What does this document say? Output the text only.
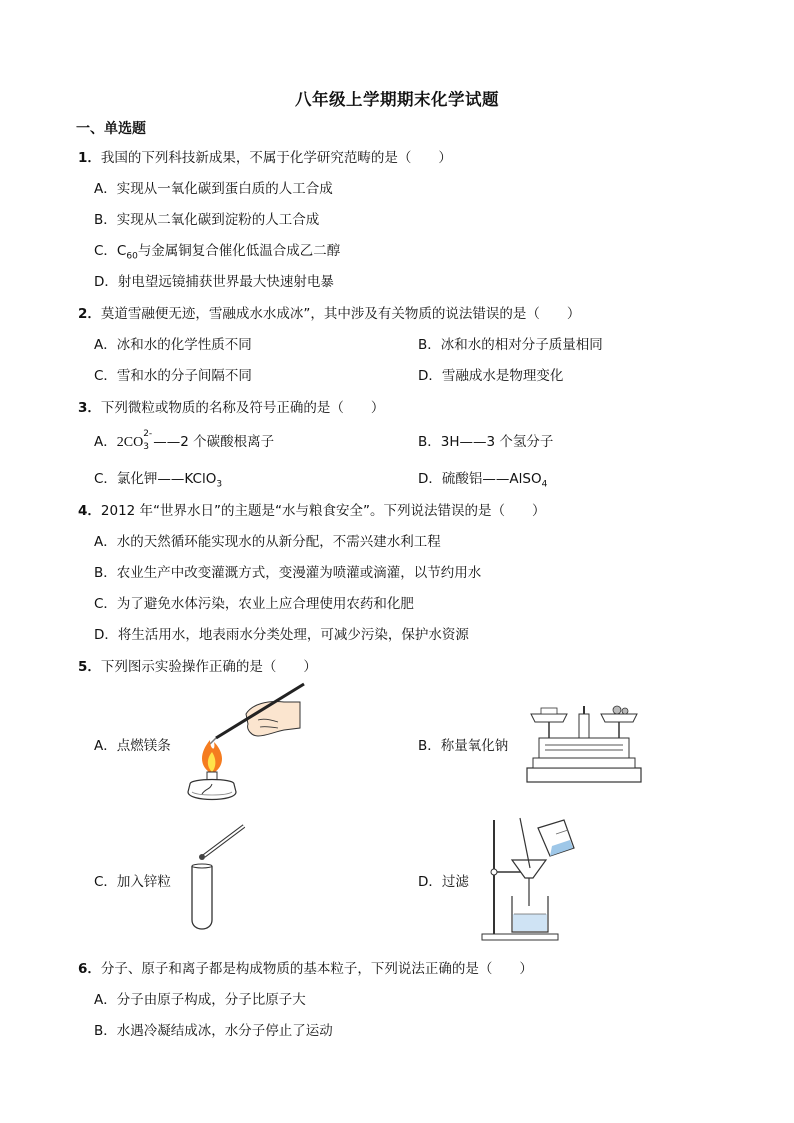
八年级上学期期末化学试题
一、单选题
1．我国的下列科技新成果，不属于化学研究范畴的是（　　）
A．实现从一氧化碳到蛋白质的人工合成
B．实现从二氧化碳到淀粉的人工合成
C．$C_{60}$与金属铜复合催化低温合成乙二醇
D．射电望远镜捕获世界最大快速射电暴
2．莫道雪融便无迹，雪融成水水成冰”，其中涉及有关物质的说法错误的是（　　）
A．冰和水的化学性质不同	B．冰和水的相对分子质量相同
C．雪和水的分子间隔不同	D．雪融成水是物理变化
3．下列微粒或物质的名称及符号正确的是（　　）
A．2CO
2-
3 ——2 个碳酸根离子	B．3H——3 个氢分子
C．氯化钾——KClO$_3$	D．硫酸铝——AlSO$_4$
4．2012 年“世界水日”的主题是“水与粮食安全”。下列说法错误的是（　　）
A．水的天然循环能实现水的从新分配，不需兴建水利工程
B．农业生产中改变灌溉方式，变漫灌为喷灌或滴灌，以节约用水
C．为了避免水体污染，农业上应合理使用农药和化肥
D．将生活用水，地表雨水分类处理，可减少污染，保护水资源
5．下列图示实验操作正确的是（　　）
A．点燃镁条	B．称量氧化钠
C．加入锌粒	D．过滤
6．分子、原子和离子都是构成物质的基本粒子，下列说法正确的是（　　）
A．分子由原子构成，分子比原子大
B．水遇冷凝结成冰，水分子停止了运动
